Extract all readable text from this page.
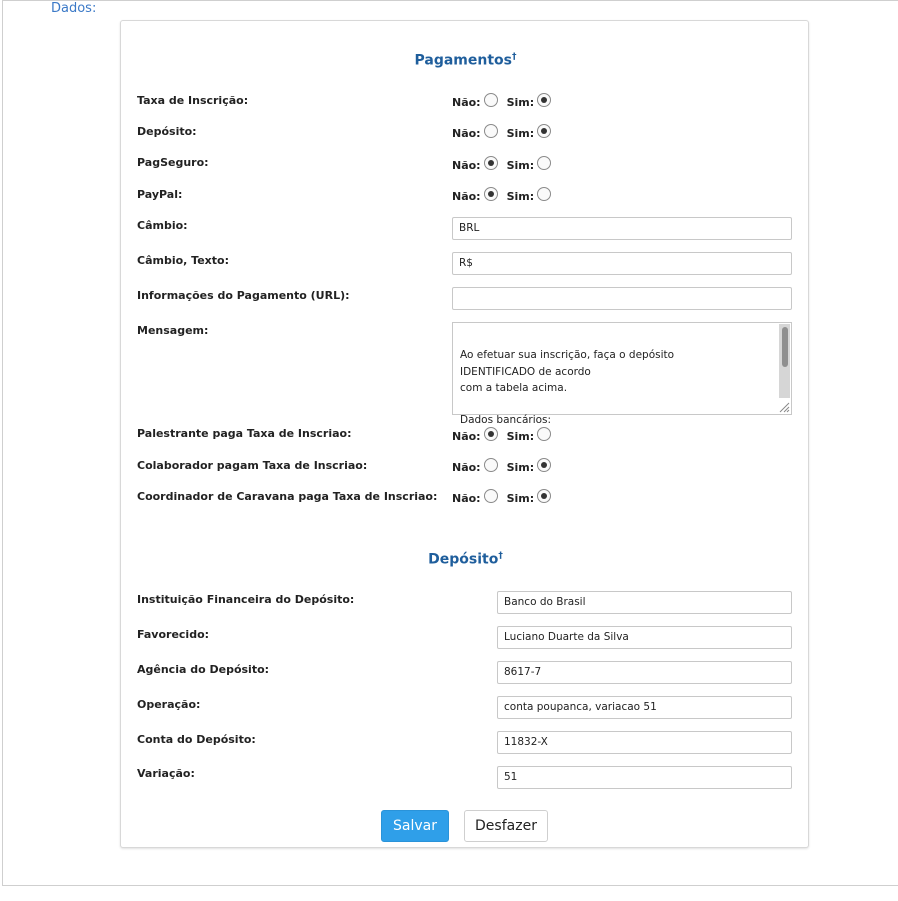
Dados:
Pagamentos†
Taxa de Inscrição:	Não: Sim:
Depósito:	Não: Sim:
PagSeguro:	Não: Sim:
PayPal:	Não: Sim:
Câmbio:	BRL
Câmbio, Texto:	R$
Informações do Pagamento (URL):
Mensagem:

Ao efetuar sua inscrição, faça o depósito
IDENTIFICADO de acordo
com a tabela acima.

Dados bancários:

Palestrante paga Taxa de Inscriao:	Não: Sim:
Colaborador pagam Taxa de Inscriao:	Não: Sim:
Coordinador de Caravana paga Taxa de Inscriao: Não: Sim:
Depósito†
Instituição Financeira do Depósito:	Banco do Brasil
Favorecido:	Luciano Duarte da Silva
Agência do Depósito:	8617-7
Operação:	conta poupanca, variacao 51
Conta do Depósito:	11832-X
Variação:	51
Salvar	Desfazer
